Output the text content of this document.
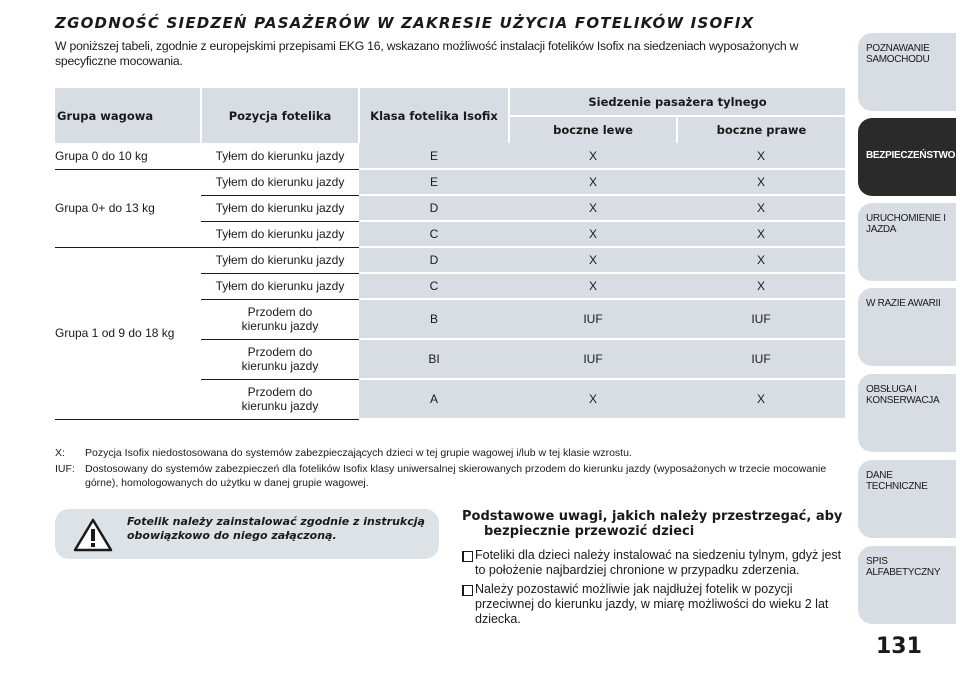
ZGODNOŚĆ SIEDZEŃ PASAŻERÓW W ZAKRESIE UŻYCIA FOTELIKÓW ISOFIX

W poniższej tabeli, zgodnie z europejskimi przepisami EKG 16, wskazano możliwość instalacji fotelików Isofix na siedzeniach wyposażonych w specyficzne mocowania.

Grupa wagowa	Pozycja fotelika	Klasa fotelika Isofix	Siedzenie pasażera tylnego	
			boczne lewe	boczne prawe
Grupa 0 do 10 kg	Tyłem do kierunku jazdy	E	X	X
Grupa 0+ do 13 kg	Tyłem do kierunku jazdy	E	X	X
	Tyłem do kierunku jazdy	D	X	X
	Tyłem do kierunku jazdy	C	X	X
Grupa 1 od 9 do 18 kg	Tyłem do kierunku jazdy	D	X	X
	Tyłem do kierunku jazdy	C	X	X
	Przodem do kierunku jazdy	B	IUF	IUF
	Przodem do kierunku jazdy	BI	IUF	IUF
	Przodem do kierunku jazdy	A	X	X

X: Pozycja Isofix niedostosowana do systemów zabezpieczających dzieci w tej grupie wagowej i/lub w tej klasie wzrostu.

IUF: Dostosowany do systemów zabezpieczeń dla fotelików Isofix klasy uniwersalnej skierowanych przodem do kierunku jazdy (wyposażonych w trzecie mocowanie górne), homologowanych do użytku w danej grupie wagowej.

Fotelik należy zainstalować zgodnie z instrukcją obowiązkowo do niego załączoną.
Podstawowe uwagi, jakich należy przestrzegać, aby bezpiecznie przewozić dzieci
Foteliki dla dzieci należy instalować na siedzeniu tylnym, gdyż jest to położenie najbardziej chronione w przypadku zderzenia.
Należy pozostawić możliwie jak najdłużej fotelik w pozycji przeciwnej do kierunku jazdy, w miarę możliwości do wieku 2 lat dziecka.
POZNAWANIE SAMOCHODU
BEZPIECZEŃSTWO
URUCHOMIENIE I JAZDA
W RAZIE AWARII
OBSŁUGA I KONSERWACJA
DANE TECHNICZNE
SPIS ALFABETYCZNY
131
